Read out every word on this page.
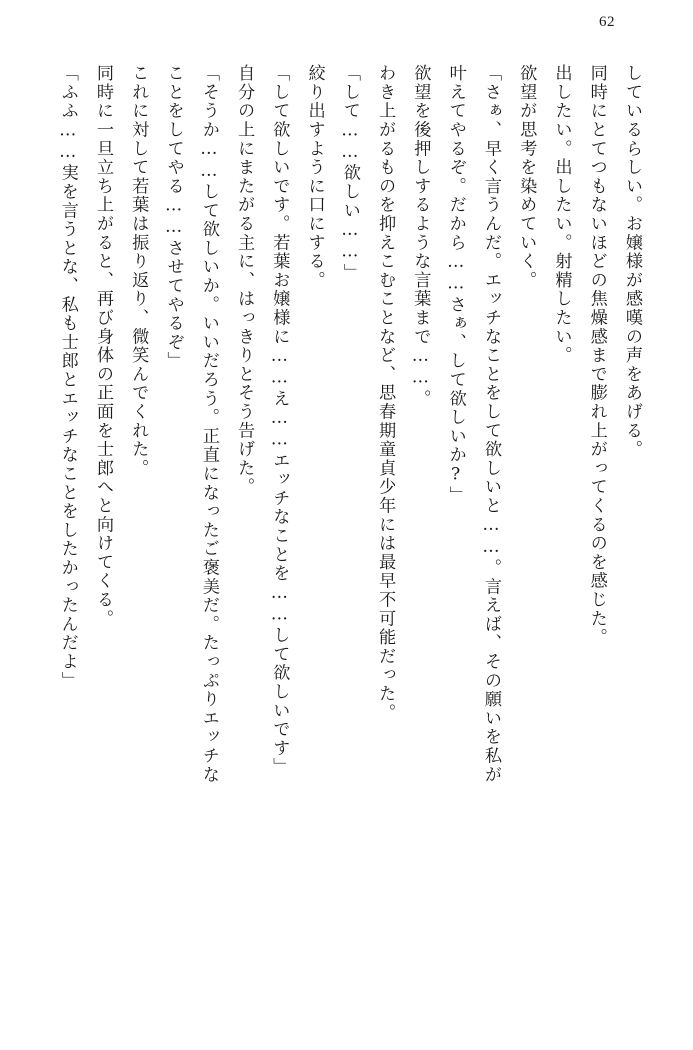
62
しているらしい。お嬢様が感嘆の声をあげる。
同時にとてつもないほどの焦燥感まで膨れ上がってくるのを感じた。
出したい。出したい。射精したい。
欲望が思考を染めていく。
「さぁ、早く言うんだ。エッチなことをして欲しいと……。言えば、その願いを私が
叶えてやるぞ。だから……さぁ、して欲しいか?」
欲望を後押しするような言葉まで……。
わき上がるものを抑えこむことなど、思春期童貞少年には最早不可能だった。
「して……欲しい……」
絞り出すように口にする。
「して欲しいです。若葉お嬢様に……え……エッチなことを……して欲しいです」
自分の上にまたがる主に、はっきりとそう告げた。
「そうか……して欲しいか。いいだろう。正直になったご褒美だ。たっぷりエッチな
ことをしてやる……させてやるぞ」
これに対して若葉は振り返り、微笑んでくれた。
同時に一旦立ち上がると、再び身体の正面を士郎へと向けてくる。
「ふふ……実を言うとな、私も士郎とエッチなことをしたかったんだよ」
